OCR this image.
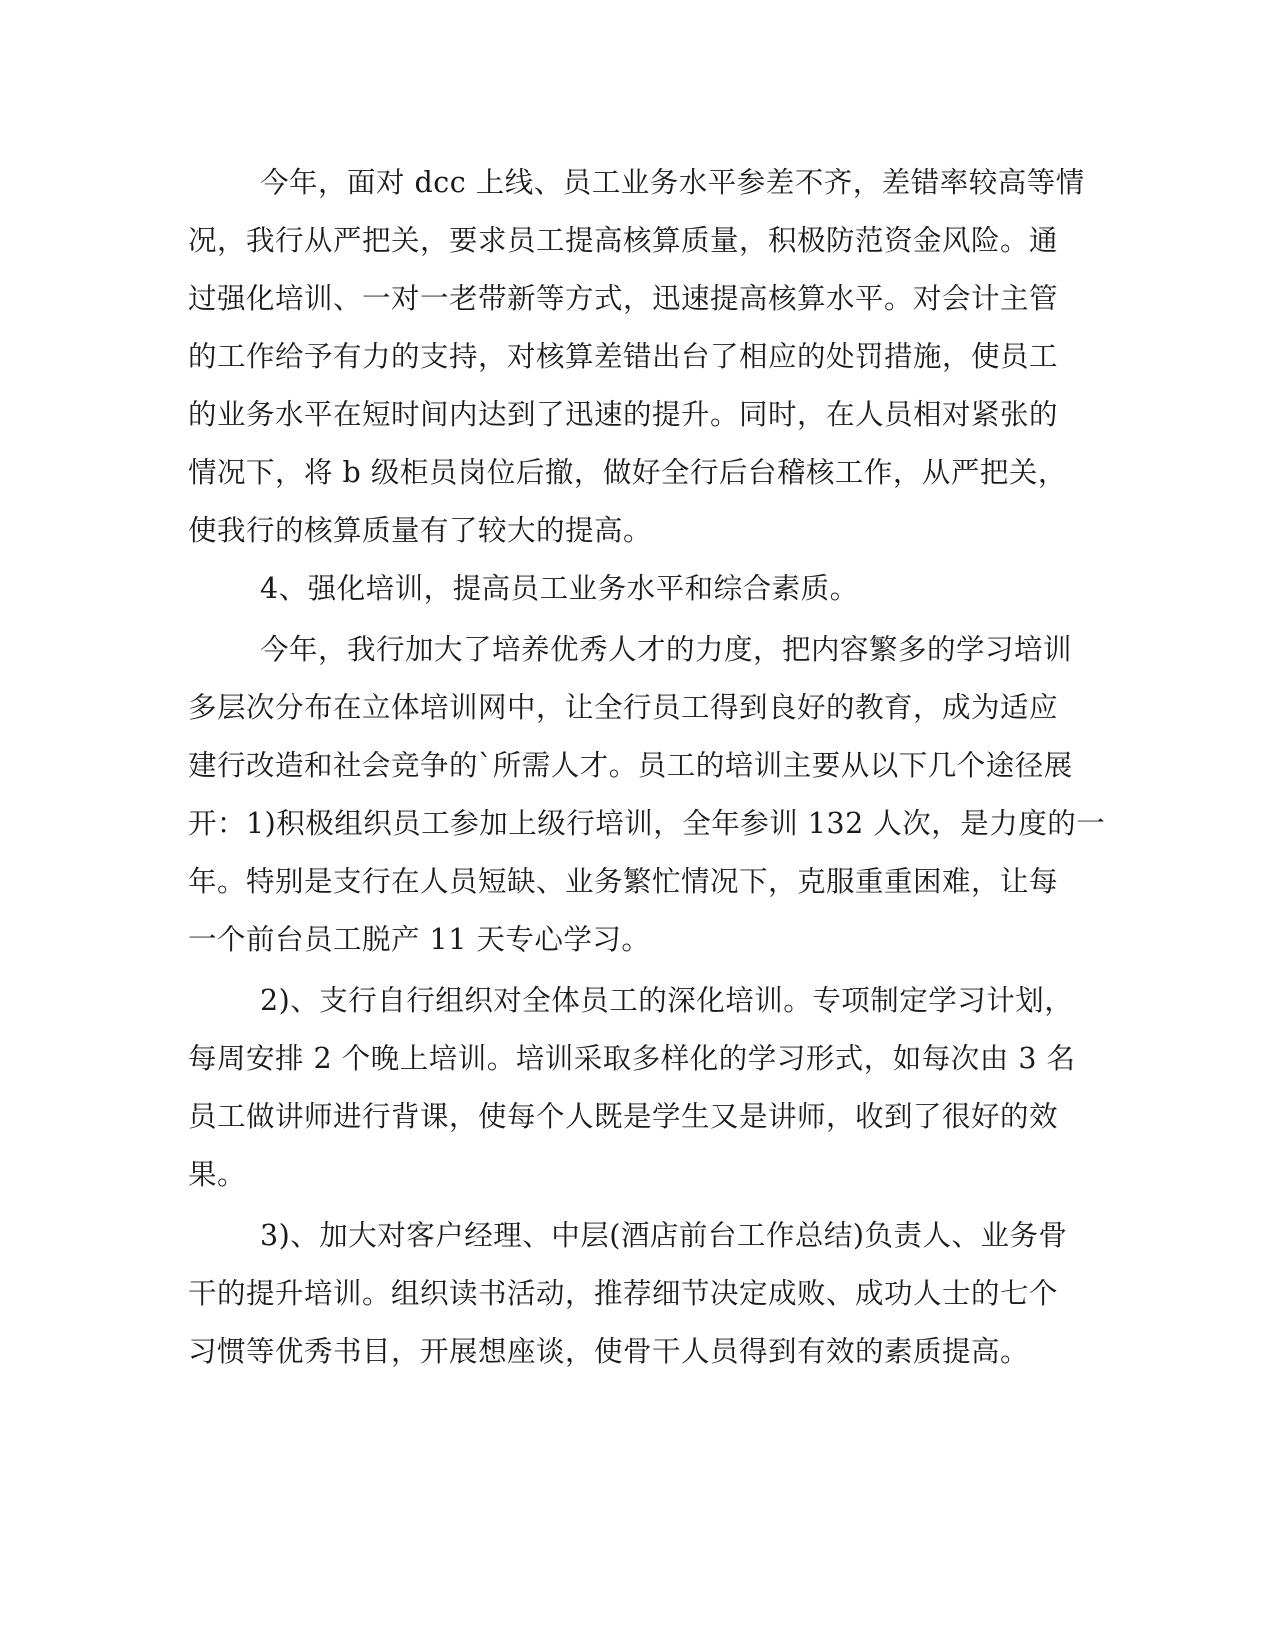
今年，面对 dcc 上线、员工业务水平参差不齐，差错率较高等情

况，我行从严把关，要求员工提高核算质量，积极防范资金风险。通

过强化培训、一对一老带新等方式，迅速提高核算水平。对会计主管

的工作给予有力的支持，对核算差错出台了相应的处罚措施，使员工

的业务水平在短时间内达到了迅速的提升。同时，在人员相对紧张的

情况下，将 b 级柜员岗位后撤，做好全行后台稽核工作，从严把关，

使我行的核算质量有了较大的提高。

4、强化培训，提高员工业务水平和综合素质。

今年，我行加大了培养优秀人才的力度，把内容繁多的学习培训

多层次分布在立体培训网中，让全行员工得到良好的教育，成为适应

建行改造和社会竞争的`所需人才。员工的培训主要从以下几个途径展

开：1)积极组织员工参加上级行培训，全年参训 132 人次，是力度的一

年。特别是支行在人员短缺、业务繁忙情况下，克服重重困难，让每

一个前台员工脱产 11 天专心学习。

2)、支行自行组织对全体员工的深化培训。专项制定学习计划，

每周安排 2 个晚上培训。培训采取多样化的学习形式，如每次由 3 名

员工做讲师进行背课，使每个人既是学生又是讲师，收到了很好的效

果。

3)、加大对客户经理、中层(酒店前台工作总结)负责人、业务骨

干的提升培训。组织读书活动，推荐细节决定成败、成功人士的七个

习惯等优秀书目，开展想座谈，使骨干人员得到有效的素质提高。
